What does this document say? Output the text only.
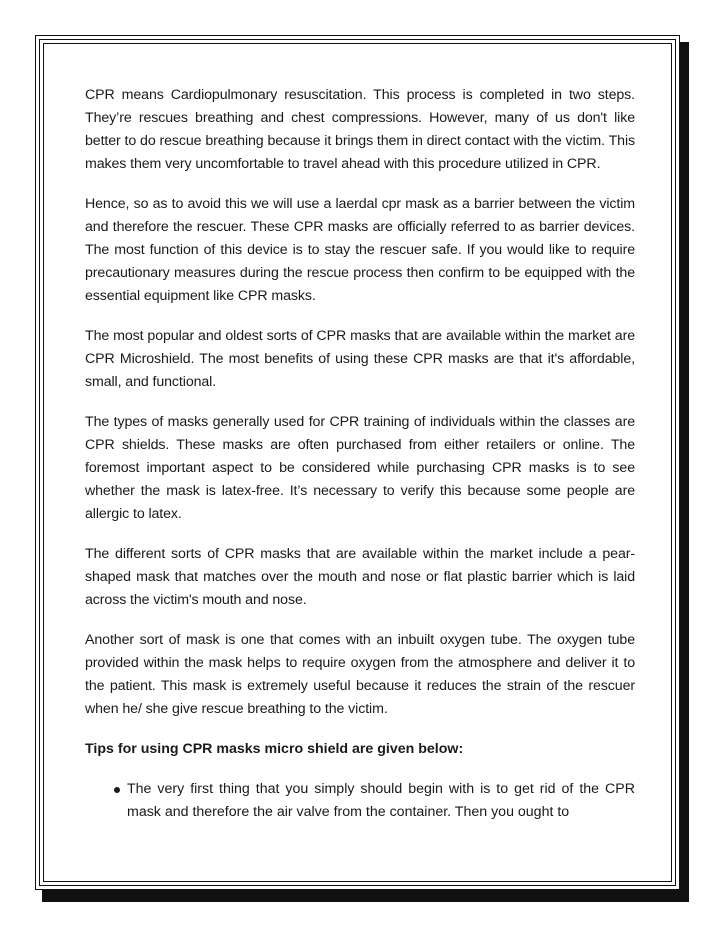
CPR means Cardiopulmonary resuscitation. This process is completed in two steps. They’re rescues breathing and chest compressions. However, many of us don't like better to do rescue breathing because it brings them in direct contact with the victim. This makes them very uncomfortable to travel ahead with this procedure utilized in CPR.

Hence, so as to avoid this we will use a laerdal cpr mask as a barrier between the victim and therefore the rescuer. These CPR masks are officially referred to as barrier devices. The most function of this device is to stay the rescuer safe. If you would like to require precautionary measures during the rescue process then confirm to be equipped with the essential equipment like CPR masks.

The most popular and oldest sorts of CPR masks that are available within the market are CPR Microshield. The most benefits of using these CPR masks are that it's affordable, small, and functional.

The types of masks generally used for CPR training of individuals within the classes are CPR shields. These masks are often purchased from either retailers or online. The foremost important aspect to be considered while purchasing CPR masks is to see whether the mask is latex-free. It’s necessary to verify this because some people are allergic to latex.

The different sorts of CPR masks that are available within the market include a pear-shaped mask that matches over the mouth and nose or flat plastic barrier which is laid across the victim's mouth and nose.

Another sort of mask is one that comes with an inbuilt oxygen tube. The oxygen tube provided within the mask helps to require oxygen from the atmosphere and deliver it to the patient. This mask is extremely useful because it reduces the strain of the rescuer when he/ she give rescue breathing to the victim.

Tips for using CPR masks micro shield are given below:

The very first thing that you simply should begin with is to get rid of the CPR mask and therefore the air valve from the container. Then you ought to
